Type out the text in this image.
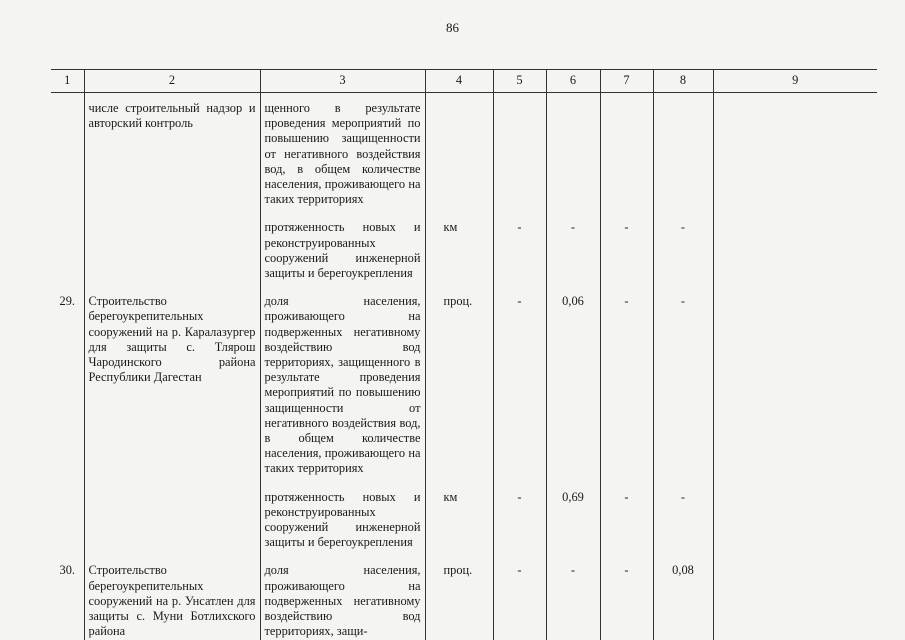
86
1	2	3	4	5	6	7	8	9
	числе строительный надзор и авторский контроль	щенного в результате проведения мероприятий по повышению защищенности от негативного воздействия вод, в общем количестве населения, проживающего на таких территориях						
		протяженность новых и реконструированных сооружений инженерной защиты и берегоукрепления	км	-	-	-	-	
29.	Строительство берегоукрепительных сооружений на р. Каралазургер для защиты с. Тлярош Чародинского района Республики Дагестан	доля населения, проживающего на подверженных негативному воздействию вод территориях, защищенного в результате проведения мероприятий по повышению защищенности от негативного воздействия вод, в общем количестве населения, проживающего на таких территориях	проц.	-	0,06	-	-	
		протяженность новых и реконструированных сооружений инженерной защиты и берегоукрепления	км	-	0,69	-	-	
30.	Строительство берегоукрепительных сооружений на р. Унсатлен для защиты с. Муни Ботлихского района	доля населения, проживающего на подверженных негативному воздействию вод территориях, защи-	проц.	-	-	-	0,08	
